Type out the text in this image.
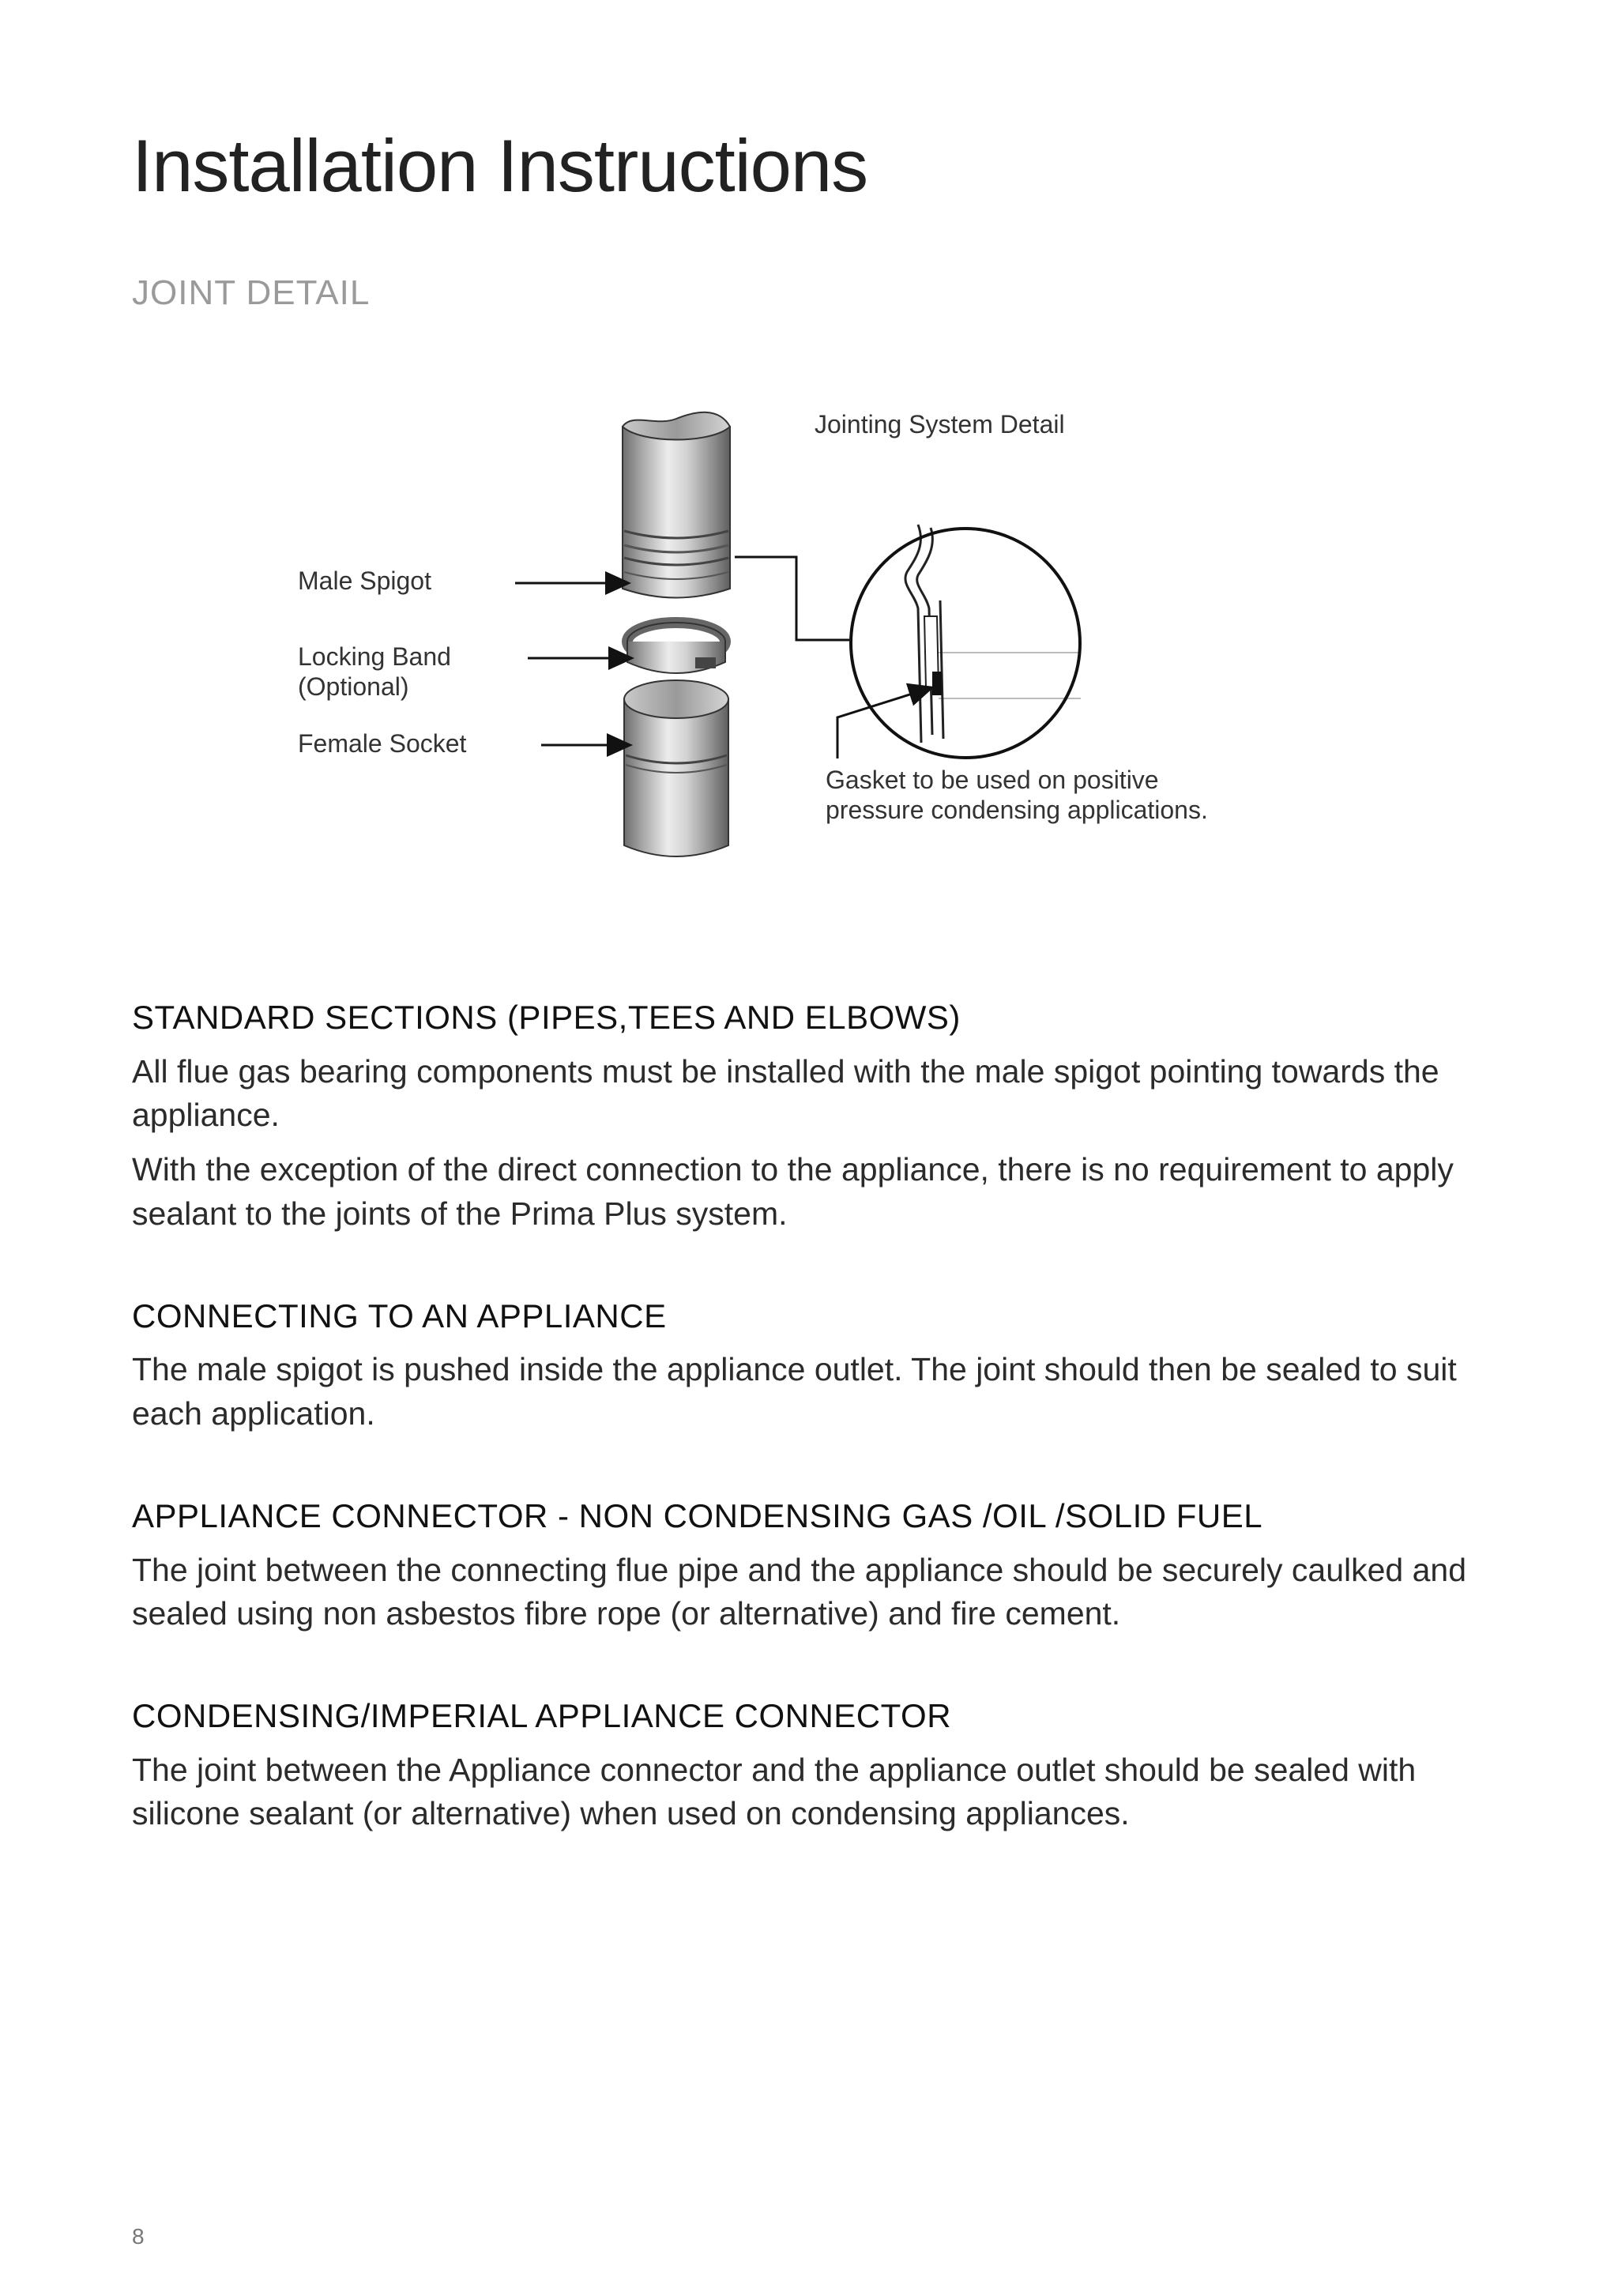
Installation Instructions
JOINT DETAIL
Jointing System Detail
Male Spigot
Locking Band
(Optional)
Female Socket
Gasket to be used on positive
pressure condensing applications.
STANDARD SECTIONS (PIPES,TEES AND ELBOWS)

All flue gas bearing components must be installed with the male spigot pointing towards the appliance.

With the exception of the direct connection to the appliance, there is no requirement to apply sealant to the joints of the Prima Plus system.

CONNECTING TO AN APPLIANCE

The male spigot is pushed inside the appliance outlet. The joint should then be sealed to suit each application.

APPLIANCE CONNECTOR - NON CONDENSING GAS /OIL /SOLID FUEL

The joint between the connecting flue pipe and the appliance should be securely caulked and sealed using non asbestos fibre rope (or alternative) and fire cement.

CONDENSING/IMPERIAL APPLIANCE CONNECTOR

The joint between the Appliance connector and the appliance outlet should be sealed with silicone sealant (or alternative) when used on condensing appliances.

8
